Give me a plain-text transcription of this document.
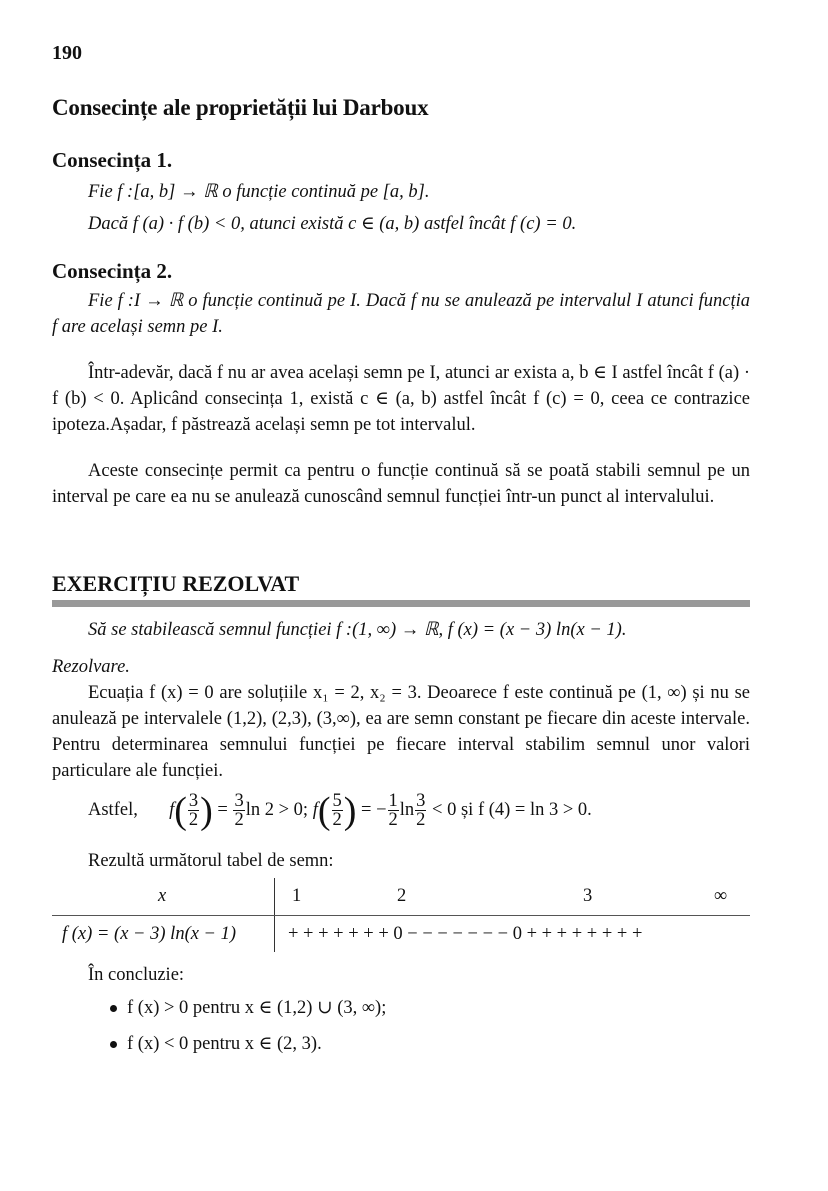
190
Consecințe ale proprietății lui Darboux
Consecința 1.
Fie f :[a, b] → ℝ o funcție continuă pe [a, b].
Dacă f (a) · f (b) < 0, atunci există c ∈ (a, b) astfel încât f (c) = 0.
Consecința 2.

Fie f :I → ℝ o funcție continuă pe I. Dacă f nu se anulează pe intervalul I atunci funcția f are același semn pe I.

Într-adevăr, dacă f nu ar avea același semn pe I, atunci ar exista a, b ∈ I astfel încât f (a) · f (b) < 0. Aplicând consecința 1, există c ∈ (a, b) astfel încât f (c) = 0, ceea ce contrazice ipoteza.Așadar, f păstrează același semn pe tot intervalul.

Aceste consecințe permit ca pentru o funcție continuă să se poată stabili semnul pe un interval pe care ea nu se anulează cunoscând semnul funcției într-un punct al intervalului.

EXERCIȚIU REZOLVAT
Să se stabilească semnul funcției f :(1, ∞) → ℝ, f (x) = (x − 3) ln(x − 1).
Rezolvare.

Ecuația f (x) = 0 are soluțiile x₁ = 2, x₂ = 3. Deoarece f este continuă pe (1, ∞) și nu se anulează pe intervalele (1,2), (2,3), (3,∞), ea are semn constant pe fiecare din aceste intervale. Pentru determinarea semnului funcției pe fiecare interval stabilim semnul unor valori particulare ale funcției.

Astfel, $f( \frac{3}{2}$ ) = $\frac{3}{2}$ ln 2 > 0; $f( \frac{5}{2}$ ) = − $\frac{1}{2}$ $\ln \frac{3}{2} < 0$ și f (4) = ln 3 > 0.
Rezultă următorul tabel de semn:
x	1	2	3	∞
f (x) = (x − 3) ln(x − 1)	+ + + + + + + 0 − − − − − − − 0 + + + + + + + +
În concluzie:
f (x) > 0 pentru x ∈ (1,2) ∪ (3, ∞);
f (x) < 0 pentru x ∈ (2, 3).
